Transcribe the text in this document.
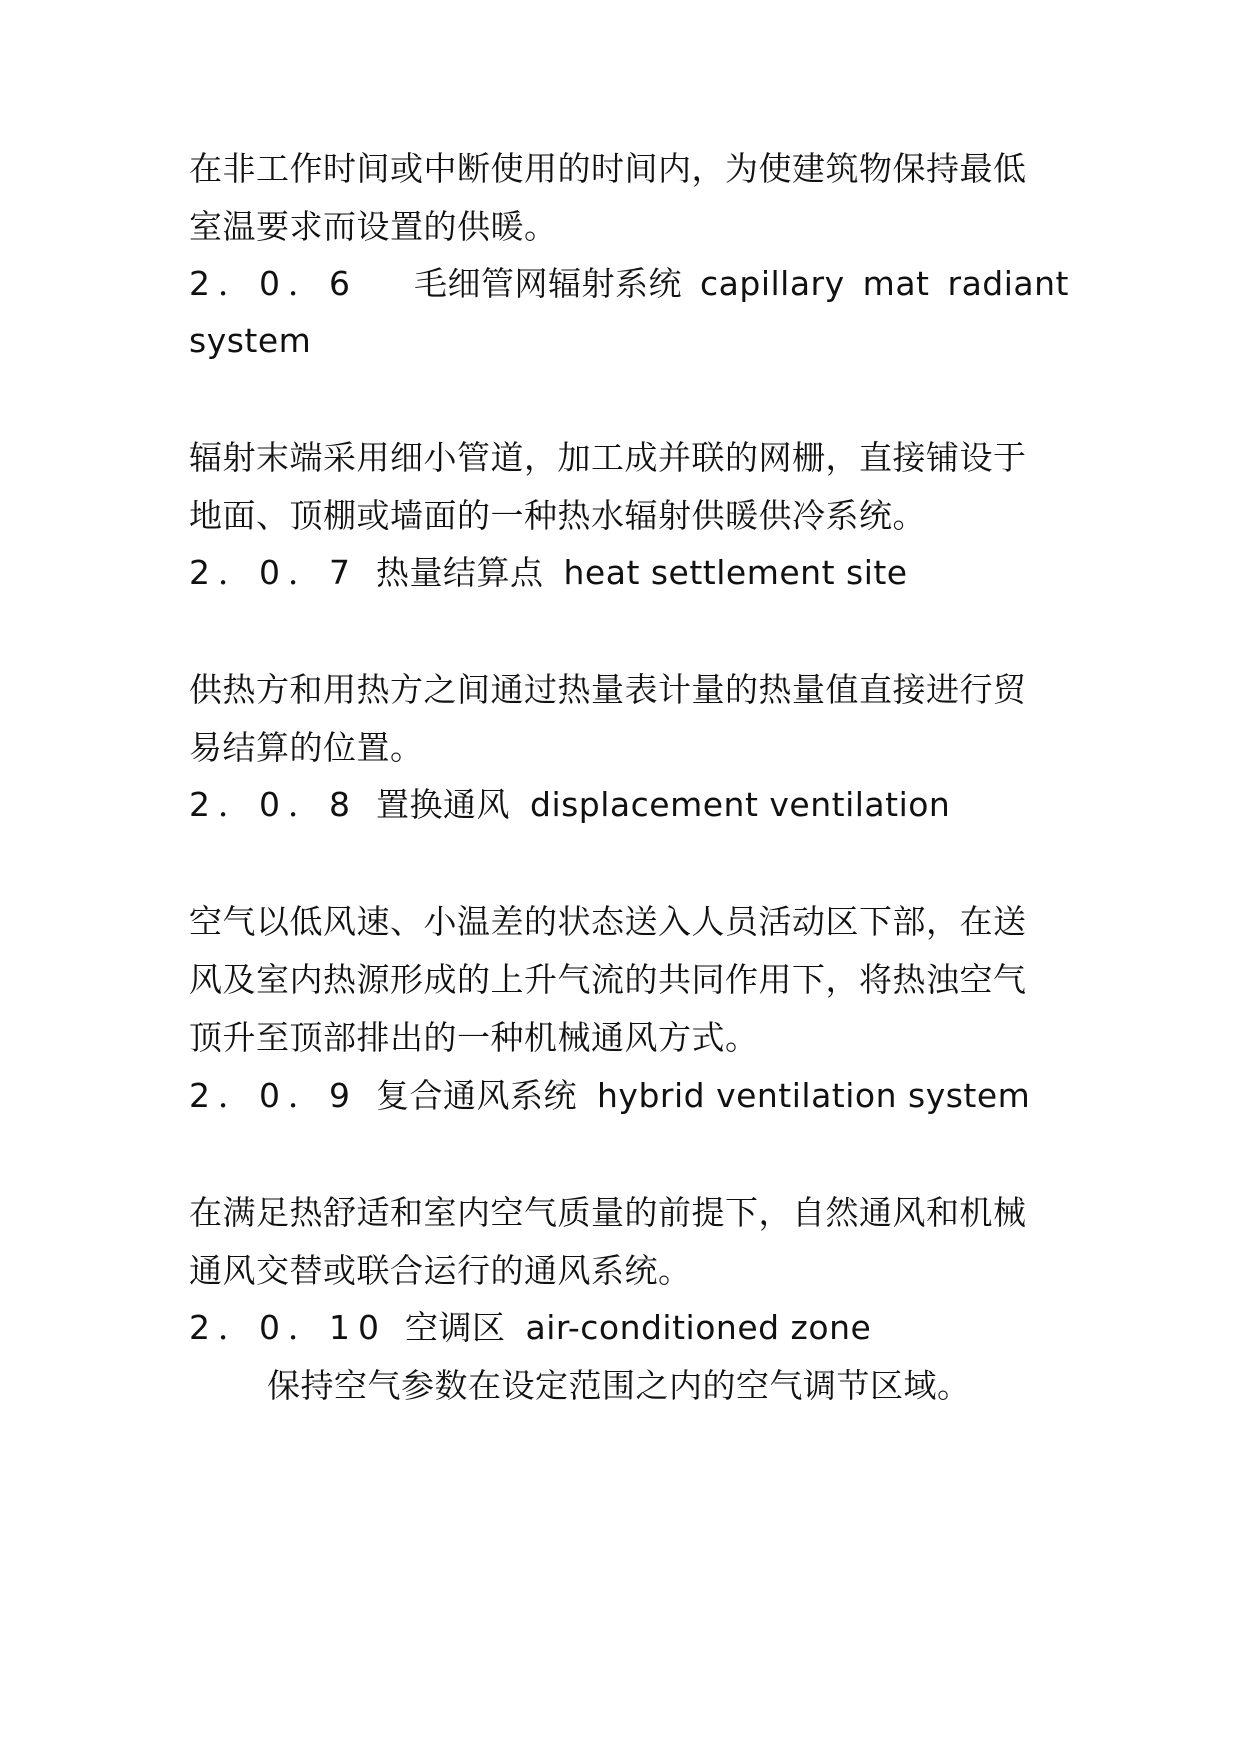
在非工作时间或中断使用的时间内，为使建筑物保持最低
室温要求而设置的供暖。
2．0．6 毛细管网辐射系统 capillary mat radiant
system
辐射末端采用细小管道，加工成并联的网栅，直接铺设于
地面、顶棚或墙面的一种热水辐射供暖供冷系统。
2．0．7 热量结算点 heat settlement site
供热方和用热方之间通过热量表计量的热量值直接进行贸
易结算的位置。
2．0．8 置换通风 displacement ventilation
空气以低风速、小温差的状态送入人员活动区下部，在送
风及室内热源形成的上升气流的共同作用下，将热浊空气
顶升至顶部排出的一种机械通风方式。
2．0．9 复合通风系统 hybrid ventilation system
在满足热舒适和室内空气质量的前提下，自然通风和机械
通风交替或联合运行的通风系统。
2．0．10 空调区 air-conditioned zone
保持空气参数在设定范围之内的空气调节区域。
